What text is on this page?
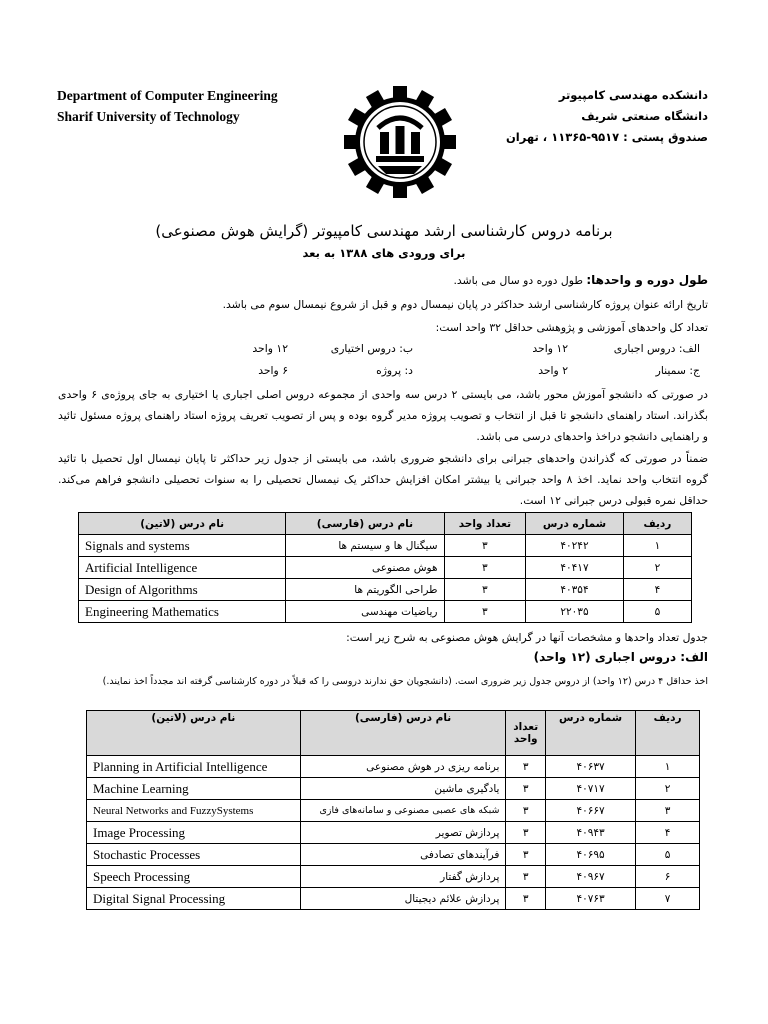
Department of Computer Engineering
Sharif University of Technology
دانشکده مهندسی کامپیوتر
دانشگاه صنعتی شریف
صندوق پستی : ۹۵۱۷-۱۱۳۶۵ ، تهران
برنامه دروس کارشناسی ارشد مهندسی کامپیوتر (گرایش هوش مصنوعی)
برای ورودی های ۱۳۸۸ به بعد
طول دوره و واحدها: طول دوره دو سال می باشد.
تاریخ ارائه عنوان پروژه کارشناسی ارشد حداکثر در پایان نیمسال دوم و قبل از شروع نیمسال سوم می باشد.
تعداد کل واحدهای آموزشی و پژوهشی حداقل ۳۲ واحد است:
الف: دروس اجباری
۱۲ واحد
ب: دروس اختیاری
۱۲ واحد
ج: سمینار
۲ واحد
د: پروژه
۶ واحد
در صورتی که دانشجو آموزش محور باشد، می بایستی ۲ درس سه واحدی از مجموعه دروس اصلی اجباری یا اختیاری به جای پروژه‌ی ۶ واحدی بگذراند. استاد راهنمای دانشجو تا قبل از انتخاب و تصویب پروژه مدیر گروه بوده و پس از تصویب تعریف پروژه استاد راهنمای پروژه مسئول تائید و راهنمایی دانشجو دراخذ واحدهای درسی می باشد.
ضمناً در صورتی که گذراندن واحدهای جبرانی برای دانشجو ضروری باشد، می بایستی از جدول زیر حداکثر تا پایان نیمسال اول تحصیل با تائید گروه انتخاب واحد نماید. اخذ ۸ واحد جبرانی یا بیشتر امکان افزایش حداکثر یک نیمسال تحصیلی را به سنوات تحصیلی دانشجو فراهم می‌کند. حداقل نمره قبولی درس جبرانی ۱۲ است.
نام درس (لاتین)	نام درس (فارسی)	تعداد واحد	شماره درس	ردیف
Signals and systems	سیگنال ها و سیستم ها	۳	۴۰۲۴۲	۱
Artificial Intelligence	هوش مصنوعی	۳	۴۰۴۱۷	۲
Design of Algorithms	طراحی الگوریتم ها	۳	۴۰۳۵۴	۴
Engineering Mathematics	ریاضیات مهندسی	۳	۲۲۰۳۵	۵
جدول تعداد واحدها و مشخصات آنها در گرایش هوش مصنوعی به شرح زیر است:
الف: دروس اجباری (۱۲ واحد)
اخذ حداقل ۴ درس (۱۲ واحد) از دروس جدول زیر ضروری است. (دانشجویان حق ندارند دروسی را که قبلاً در دوره کارشناسی گرفته اند مجدداً اخذ نمایند.)
نام درس (لاتین)	نام درس (فارسی)	تعداد
واحد	شماره درس	ردیف
Planning in Artificial Intelligence	برنامه ریزی در هوش مصنوعی	۳	۴۰۶۳۷	۱
Machine Learning	یادگیری ماشین	۳	۴۰۷۱۷	۲
Neural Networks and FuzzySystems	شبکه های عصبی مصنوعی و سامانه‌های فازی	۳	۴۰۶۶۷	۳
Image Processing	پردازش تصویر	۳	۴۰۹۴۳	۴
Stochastic Processes	فرآیندهای تصادفی	۳	۴۰۶۹۵	۵
Speech Processing	پردازش گفتار	۳	۴۰۹۶۷	۶
Digital Signal Processing	پردازش علائم دیجیتال	۳	۴۰۷۶۳	۷
